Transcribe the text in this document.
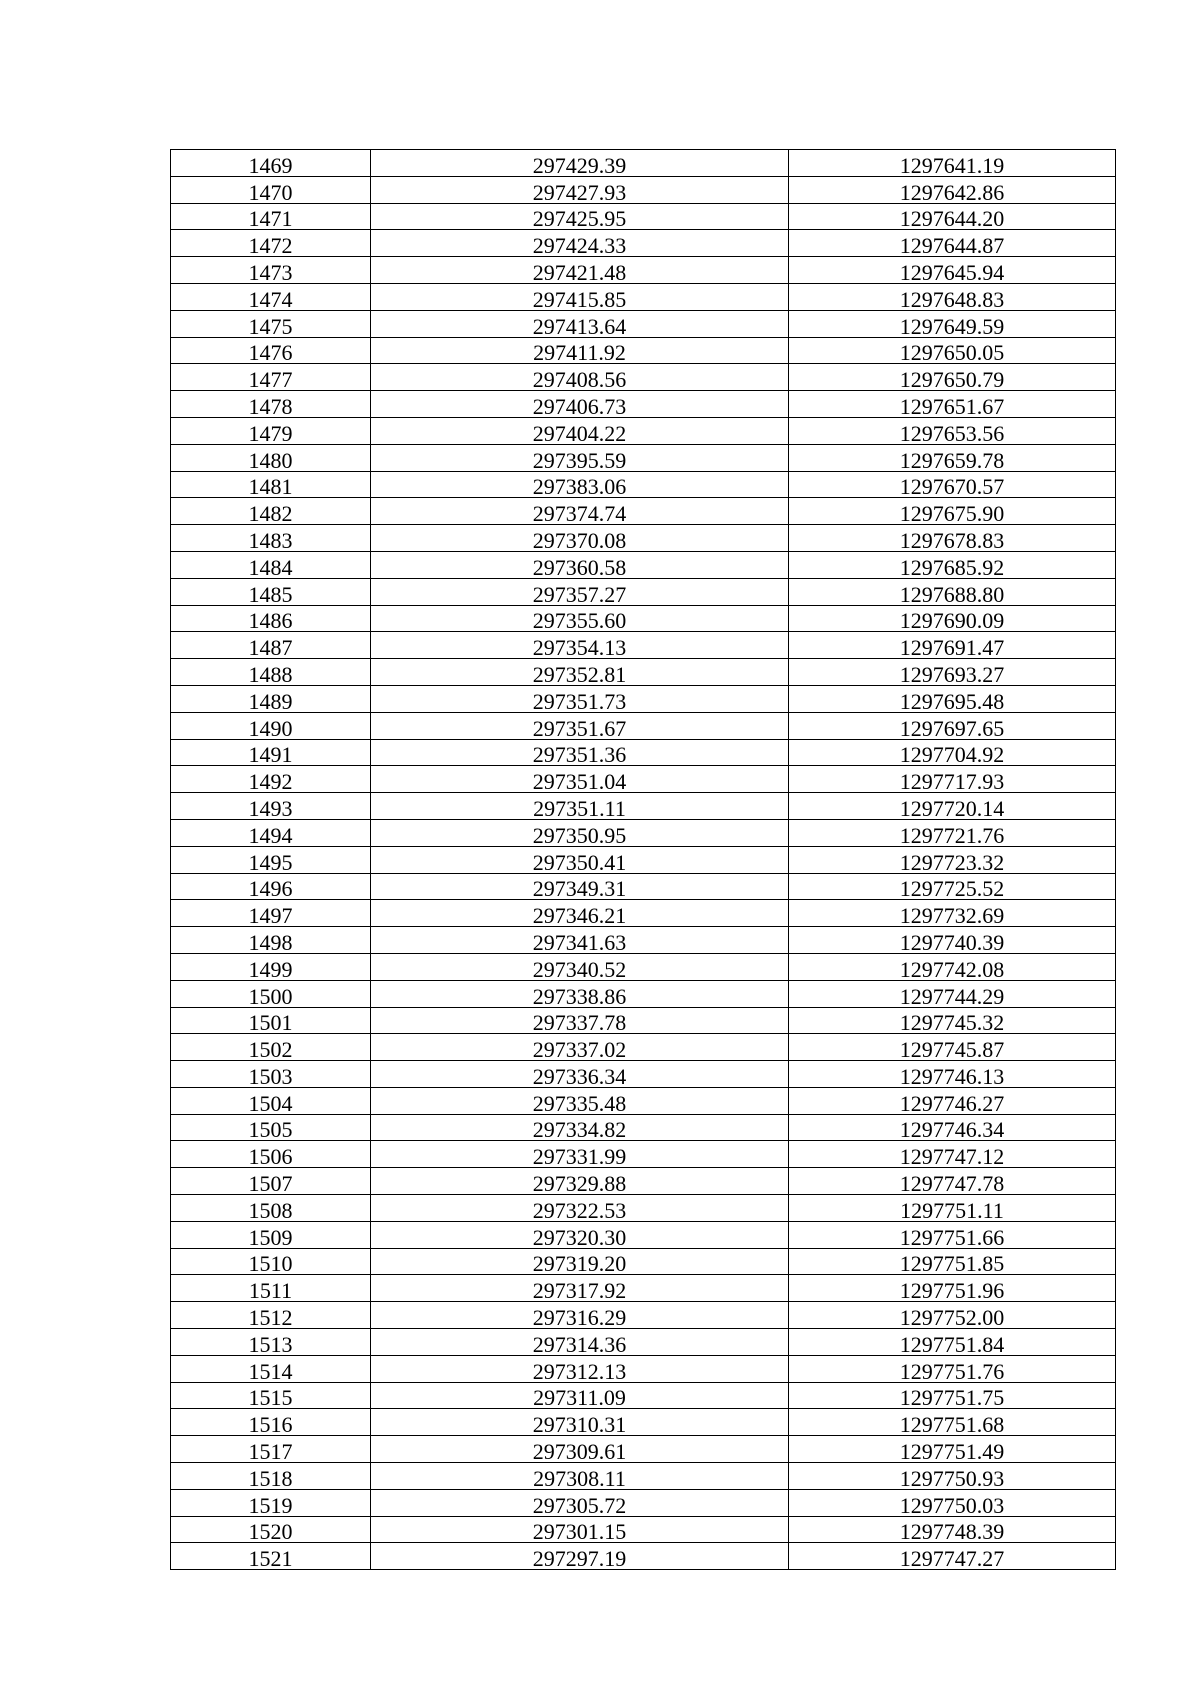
1469	297429.39	1297641.19
1470	297427.93	1297642.86
1471	297425.95	1297644.20
1472	297424.33	1297644.87
1473	297421.48	1297645.94
1474	297415.85	1297648.83
1475	297413.64	1297649.59
1476	297411.92	1297650.05
1477	297408.56	1297650.79
1478	297406.73	1297651.67
1479	297404.22	1297653.56
1480	297395.59	1297659.78
1481	297383.06	1297670.57
1482	297374.74	1297675.90
1483	297370.08	1297678.83
1484	297360.58	1297685.92
1485	297357.27	1297688.80
1486	297355.60	1297690.09
1487	297354.13	1297691.47
1488	297352.81	1297693.27
1489	297351.73	1297695.48
1490	297351.67	1297697.65
1491	297351.36	1297704.92
1492	297351.04	1297717.93
1493	297351.11	1297720.14
1494	297350.95	1297721.76
1495	297350.41	1297723.32
1496	297349.31	1297725.52
1497	297346.21	1297732.69
1498	297341.63	1297740.39
1499	297340.52	1297742.08
1500	297338.86	1297744.29
1501	297337.78	1297745.32
1502	297337.02	1297745.87
1503	297336.34	1297746.13
1504	297335.48	1297746.27
1505	297334.82	1297746.34
1506	297331.99	1297747.12
1507	297329.88	1297747.78
1508	297322.53	1297751.11
1509	297320.30	1297751.66
1510	297319.20	1297751.85
1511	297317.92	1297751.96
1512	297316.29	1297752.00
1513	297314.36	1297751.84
1514	297312.13	1297751.76
1515	297311.09	1297751.75
1516	297310.31	1297751.68
1517	297309.61	1297751.49
1518	297308.11	1297750.93
1519	297305.72	1297750.03
1520	297301.15	1297748.39
1521	297297.19	1297747.27
